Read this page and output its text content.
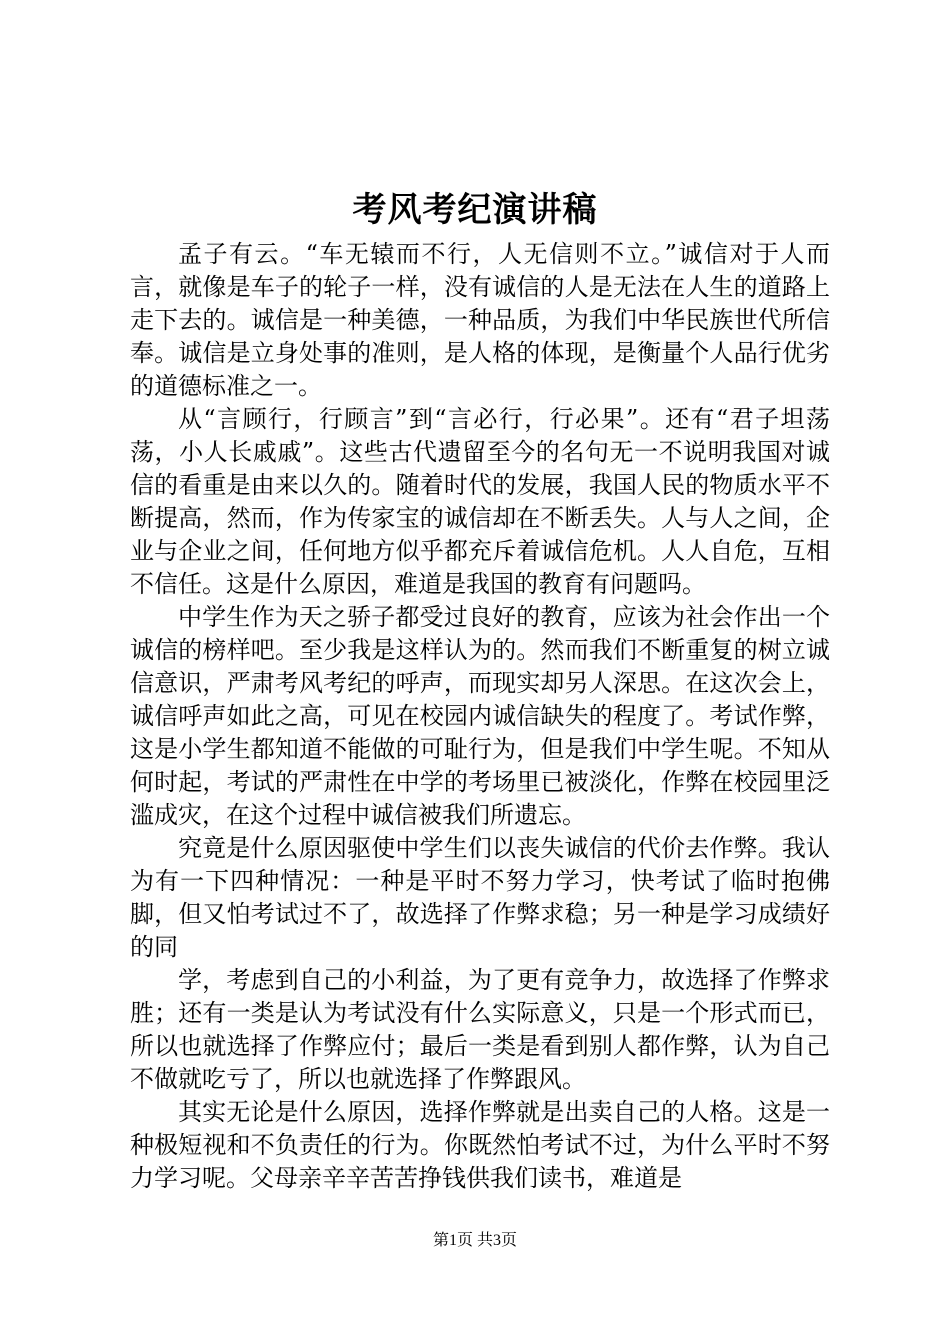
考风考纪演讲稿

孟子有云。“车无辕而不行，人无信则不立。”诚信对于人而言，就像是车子的轮子一样，没有诚信的人是无法在人生的道路上走下去的。诚信是一种美德，一种品质，为我们中华民族世代所信奉。诚信是立身处事的准则，是人格的体现，是衡量个人品行优劣的道德标准之一。

从“言顾行，行顾言”到“言必行，行必果”。还有“君子坦荡荡，小人长戚戚”。这些古代遗留至今的名句无一不说明我国对诚信的看重是由来以久的。随着时代的发展，我国人民的物质水平不断提高，然而，作为传家宝的诚信却在不断丢失。人与人之间，企业与企业之间，任何地方似乎都充斥着诚信危机。人人自危，互相不信任。这是什么原因，难道是我国的教育有问题吗。

中学生作为天之骄子都受过良好的教育，应该为社会作出一个诚信的榜样吧。至少我是这样认为的。然而我们不断重复的树立诚信意识，严肃考风考纪的呼声，而现实却另人深思。在这次会上，诚信呼声如此之高，可见在校园内诚信缺失的程度了。考试作弊，这是小学生都知道不能做的可耻行为，但是我们中学生呢。不知从何时起，考试的严肃性在中学的考场里已被淡化，作弊在校园里泛滥成灾，在这个过程中诚信被我们所遗忘。

究竟是什么原因驱使中学生们以丧失诚信的代价去作弊。我认为有一下四种情况：一种是平时不努力学习，快考试了临时抱佛脚，但又怕考试过不了，故选择了作弊求稳；另一种是学习成绩好的同

学，考虑到自己的小利益，为了更有竞争力，故选择了作弊求胜；还有一类是认为考试没有什么实际意义，只是一个形式而已，所以也就选择了作弊应付；最后一类是看到别人都作弊，认为自己不做就吃亏了，所以也就选择了作弊跟风。

其实无论是什么原因，选择作弊就是出卖自己的人格。这是一种极短视和不负责任的行为。你既然怕考试不过，为什么平时不努力学习呢。父母亲辛辛苦苦挣钱供我们读书，难道是

第1页 共3页
